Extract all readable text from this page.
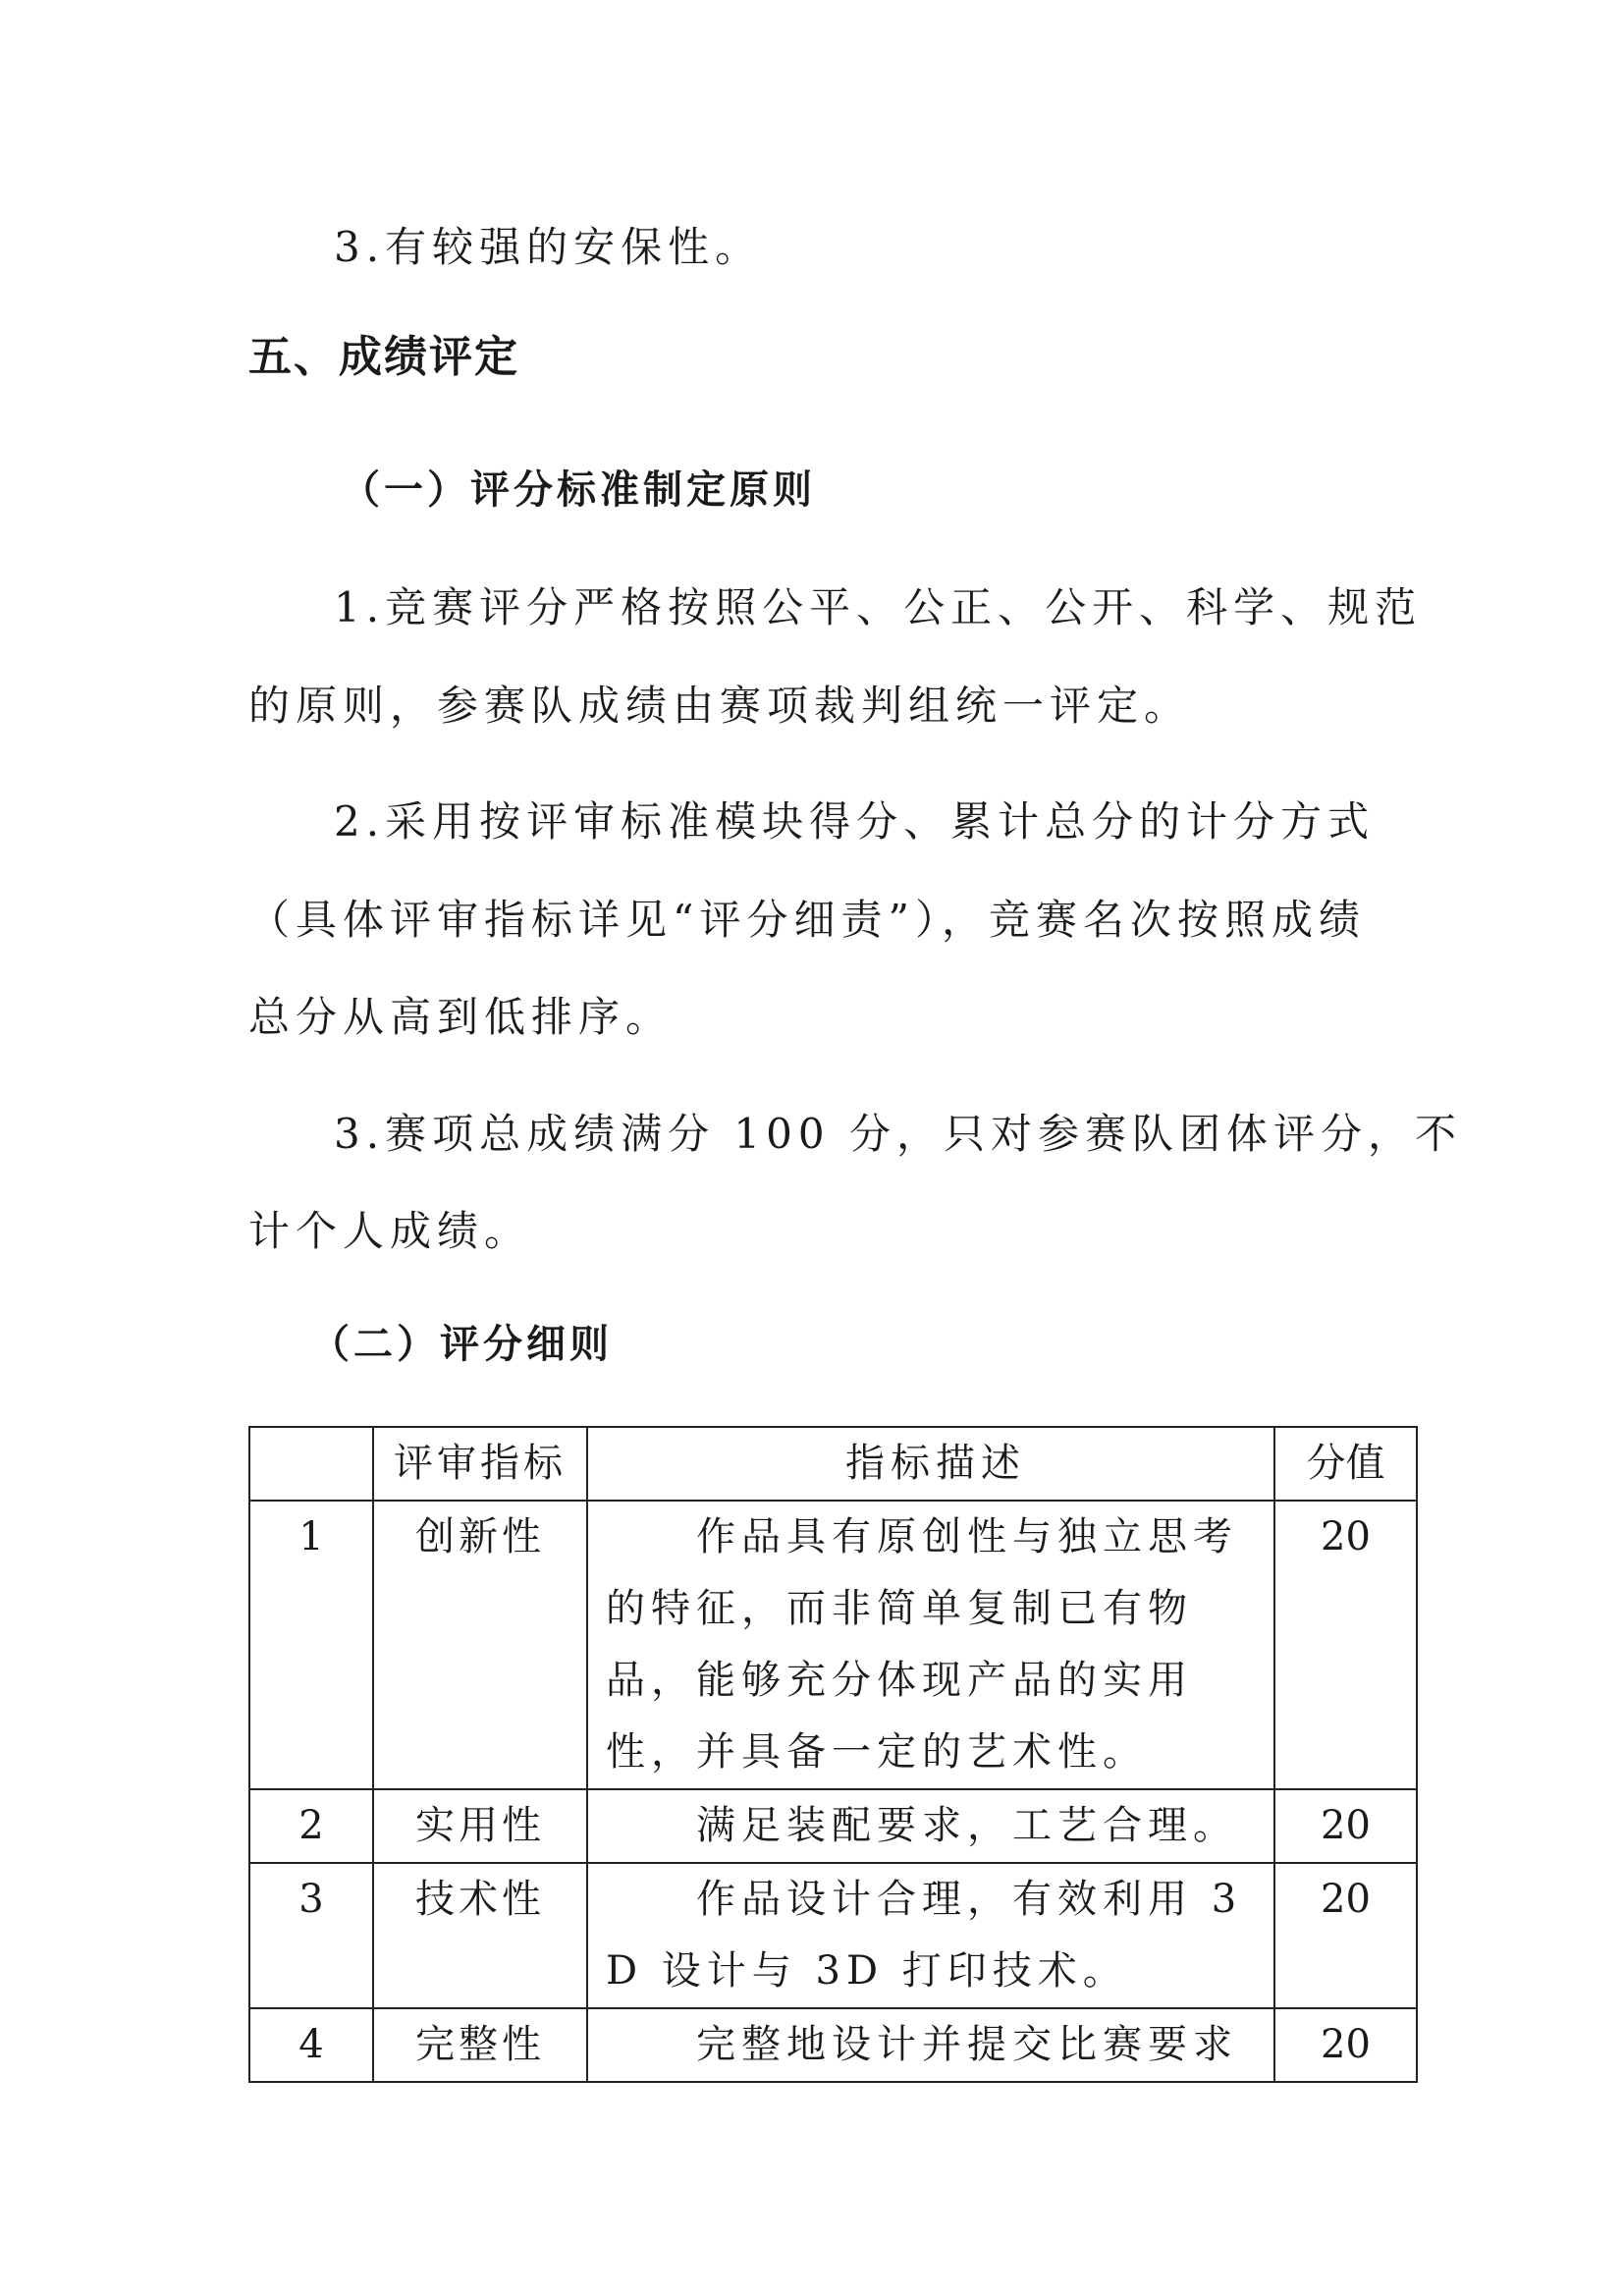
3.有较强的安保性。
五、成绩评定
（一）评分标准制定原则
1.竞赛评分严格按照公平、公正、公开、科学、规范
的原则，参赛队成绩由赛项裁判组统一评定。
2.采用按评审标准模块得分、累计总分的计分方式
（具体评审指标详见“评分细责”），竞赛名次按照成绩
总分从高到低排序。
3.赛项总成绩满分 100 分，只对参赛队团体评分，不
计个人成绩。
（二）评分细则
	评审指标	指标描述	分值
1	创新性	作品具有原创性与独立思考的特征，而非简单复制已有物品，能够充分体现产品的实用性，并具备一定的艺术性。	20
2	实用性	满足装配要求，工艺合理。	20
3	技术性	作品设计合理，有效利用 3D 设计与 3D 打印技术。	20
4	完整性	完整地设计并提交比赛要求	20
